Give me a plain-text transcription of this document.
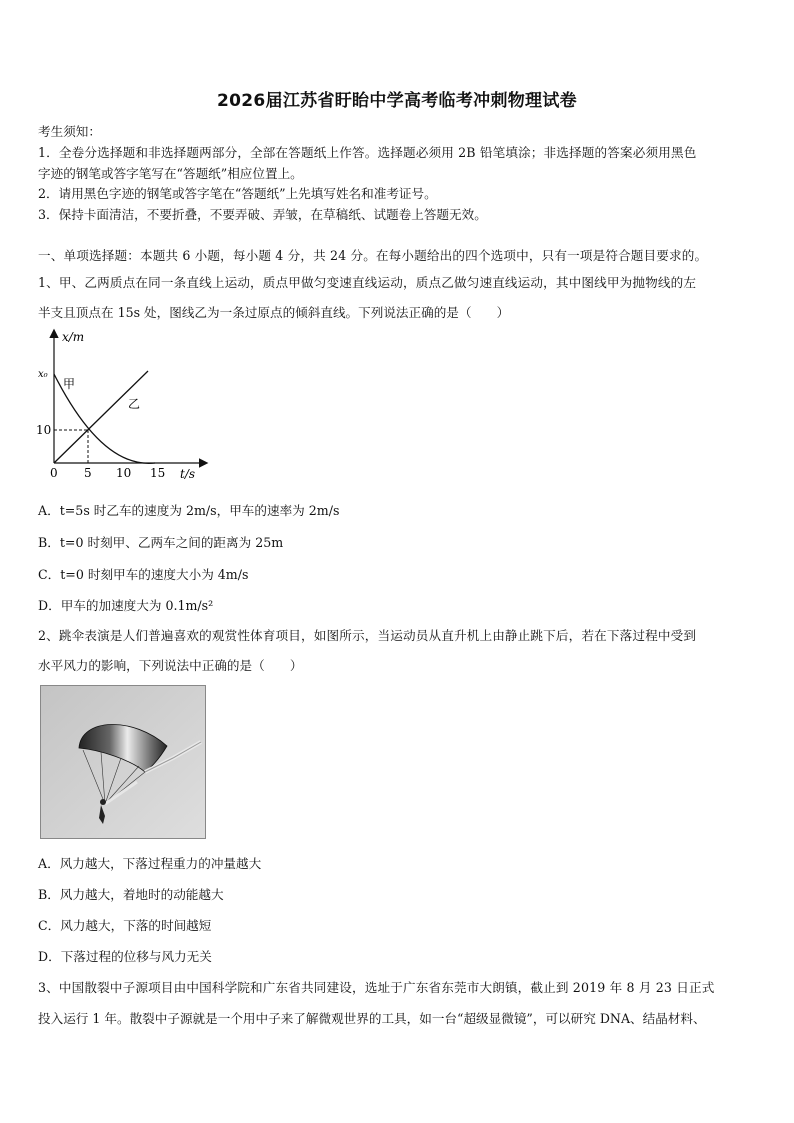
2026届江苏省盱眙中学高考临考冲刺物理试卷
考生须知：
1．全卷分选择题和非选择题两部分，全部在答题纸上作答。选择题必须用 2B 铅笔填涂；非选择题的答案必须用黑色
字迹的钢笔或答字笔写在“答题纸”相应位置上。
2．请用黑色字迹的钢笔或答字笔在“答题纸”上先填写姓名和准考证号。
3．保持卡面清洁，不要折叠，不要弄破、弄皱，在草稿纸、试题卷上答题无效。
一、单项选择题：本题共 6 小题，每小题 4 分，共 24 分。在每小题给出的四个选项中，只有一项是符合题目要求的。
1、甲、乙两质点在同一条直线上运动，质点甲做匀变速直线运动，质点乙做匀速直线运动，其中图线甲为抛物线的左
半支且顶点在 15s 处，图线乙为一条过原点的倾斜直线。下列说法正确的是（　　）
x/m
t/s
x₀
10
0 5 10 15
甲
乙
A．t=5s 时乙车的速度为 2m/s，甲车的速率为 2m/s
B．t=0 时刻甲、乙两车之间的距离为 25m
C．t=0 时刻甲车的速度大小为 4m/s
D．甲车的加速度大为 0.1m/s²
2、跳伞表演是人们普遍喜欢的观赏性体育项目，如图所示，当运动员从直升机上由静止跳下后，若在下落过程中受到
水平风力的影响，下列说法中正确的是（　　）
A．风力越大，下落过程重力的冲量越大
B．风力越大，着地时的动能越大
C．风力越大，下落的时间越短
D．下落过程的位移与风力无关
3、中国散裂中子源项目由中国科学院和广东省共同建设，选址于广东省东莞市大朗镇，截止到 2019 年 8 月 23 日正式
投入运行 1 年。散裂中子源就是一个用中子来了解微观世界的工具，如一台“超级显微镜”，可以研究 DNA、结晶材料、
